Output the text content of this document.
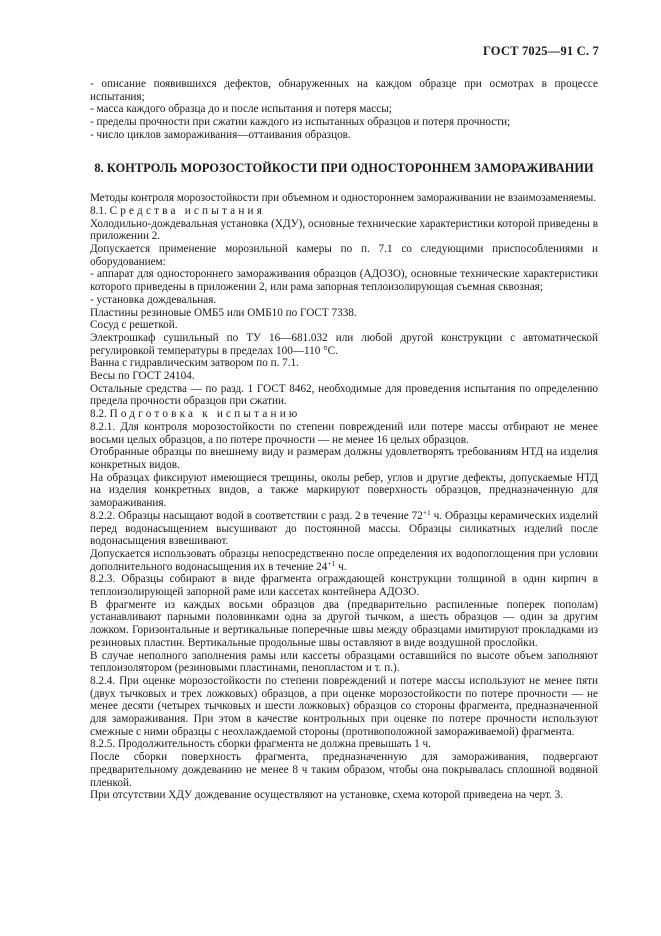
ГОСТ 7025—91 С. 7

- описание появившихся дефектов, обнаруженных на каждом образце при осмотрах в процессе испытания;

- масса каждого образца до и после испытания и потеря массы;

- пределы прочности при сжатии каждого из испытанных образцов и потеря прочности;

- число циклов замораживания—оттаивания образцов.

8. КОНТРОЛЬ МОРОЗОСТОЙКОСТИ ПРИ ОДНОСТОРОННЕМ ЗАМОРАЖИВАНИИ

Методы контроля морозостойкости при объемном и одностороннем замораживании не взаимозаменяемы.

8.1. Средства испытания

Холодильно-дождевальная установка (ХДУ), основные технические характеристики которой приведены в приложении 2.

Допускается применение морозильной камеры по п. 7.1 со следующими приспособлениями и оборудованием:

- аппарат для одностороннего замораживания образцов (АДОЗО), основные технические характеристики которого приведены в приложении 2, или рама запорная теплоизолирующая съемная сквозная;

- установка дождевальная.

Пластины резиновые ОМБ5 или ОМБ10 по ГОСТ 7338.

Сосуд с решеткой.

Электрошкаф сушильный по ТУ 16—681.032 или любой другой конструкции с автоматической регулировкой температуры в пределах 100—110 °С.

Ванна с гидравлическим затвором по п. 7.1.

Весы по ГОСТ 24104.

Остальные средства — по разд. 1 ГОСТ 8462, необходимые для проведения испытания по определению предела прочности образцов при сжатии.

8.2. Подготовка к испытанию

8.2.1. Для контроля морозостойкости по степени повреждений или потере массы отбирают не менее восьми целых образцов, а по потере прочности — не менее 16 целых образцов.

Отобранные образцы по внешнему виду и размерам должны удовлетворять требованиям НТД на изделия конкретных видов.

На образцах фиксируют имеющиеся трещины, околы ребер, углов и другие дефекты, допускаемые НТД на изделия конкретных видов, а также маркируют поверхность образцов, предназначенную для замораживания.

8.2.2. Образцы насыщают водой в соответствии с разд. 2 в течение $72^{+1}$ ч. Образцы керамических изделий перед водонасыщением высушивают до постоянной массы. Образцы силикатных изделий после водонасыщения взвешивают.

Допускается использовать образцы непосредственно после определения их водопоглощения при условии дополнительного водонасыщения их в течение $24^{+1}$ ч.

8.2.3. Образцы собирают в виде фрагмента ограждающей конструкции толщиной в один кирпич в теплоизолирующей запорной раме или кассетах контейнера АДОЗО.

В фрагменте из каждых восьми образцов два (предварительно распиленные поперек пополам) устанавливают парными половинками одна за другой тычком, а шесть образцов — один за другим ложком. Горизонтальные и вертикальные поперечные швы между образцами имитируют прокладками из резиновых пластин. Вертикальные продольные швы оставляют в виде воздушной прослойки.

В случае неполного заполнения рамы или кассеты образцами оставшийся по высоте объем заполняют теплоизолятором (резиновыми пластинами, пенопластом и т. п.).

8.2.4. При оценке морозостойкости по степени повреждений и потере массы используют не менее пяти (двух тычковых и трех ложковых) образцов, а при оценке морозостойкости по потере прочности — не менее десяти (четырех тычковых и шести ложковых) образцов со стороны фрагмента, предназначенной для замораживания. При этом в качестве контрольных при оценке по потере прочности используют смежные с ними образцы с неохлаждаемой стороны (противоположной замораживаемой) фрагмента.

8.2.5. Продолжительность сборки фрагмента не должна превышать 1 ч.

После сборки поверхность фрагмента, предназначенную для замораживания, подвергают предварительному дождеванию не менее 8 ч таким образом, чтобы она покрывалась сплошной водяной пленкой.

При отсутствии ХДУ дождевание осуществляют на установке, схема которой приведена на черт. 3.
